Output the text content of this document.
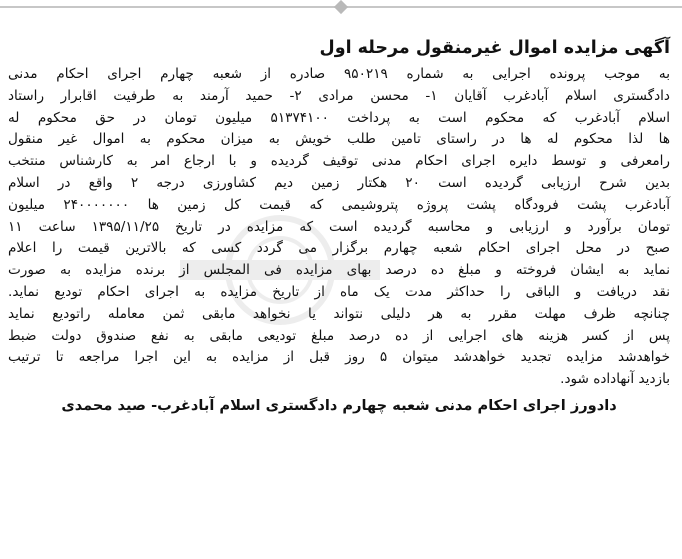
آگهی مزایده اموال غیرمنقول مرحله اول
به موجب پرونده اجرایی به شماره ۹۵۰۲۱۹ صادره از شعبه چهارم اجرای احکام مدنی
دادگستری اسلام آبادغرب آقایان ۱- محسن مرادی ۲- حمید آرمند به طرفیت اقابرار راستاد
اسلام آبادغرب که محکوم است به پرداخت ۵۱۳۷۴۱۰۰ میلیون تومان در حق محکوم له
ها لذا محکوم له ها در راستای تامین طلب خویش به میزان محکوم به اموال غیر منقول
رامعرفی و توسط دایره اجرای احکام مدنی توقیف گردیده و با ارجاع امر به کارشناس منتخب
بدین شرح ارزیابی گردیده است ۲۰ هکتار زمین دیم کشاورزی درجه ۲ واقع در اسلام
آبادغرب پشت فرودگاه پشت پروژه پتروشیمی که قیمت کل زمین ها ۲۴۰۰۰۰۰۰۰ میلیون
تومان برآورد و ارزیابی و محاسبه گردیده است که مزایده در تاریخ ۱۳۹۵/۱۱/۲۵ ساعت ۱۱
صبح در محل اجرای احکام شعبه چهارم برگزار می گردد کسی که بالاترین قیمت را اعلام
نماید به ایشان فروخته و مبلغ ده درصد بهای مزایده فی المجلس از برنده مزایده به صورت
نقد دریافت و الباقی را حداکثر مدت یک ماه از تاریخ مزایده به اجرای احکام تودیع نماید.
چنانچه ظرف مهلت مقرر به هر دلیلی نتواند یا نخواهد مابقی ثمن معامله راتودیع نماید
پس از کسر هزینه های اجرایی از ده درصد مبلغ تودیعی مابقی به نفع صندوق دولت ضبط
خواهدشد مزایده تجدید خواهدشد میتوان ۵ روز قبل از مزایده به این اجرا مراجعه تا ترتیب
بازدید آنهاداده شود.
دادورز اجرای احکام مدنی شعبه چهارم دادگستری اسلام آبادغرب- صید محمدی
